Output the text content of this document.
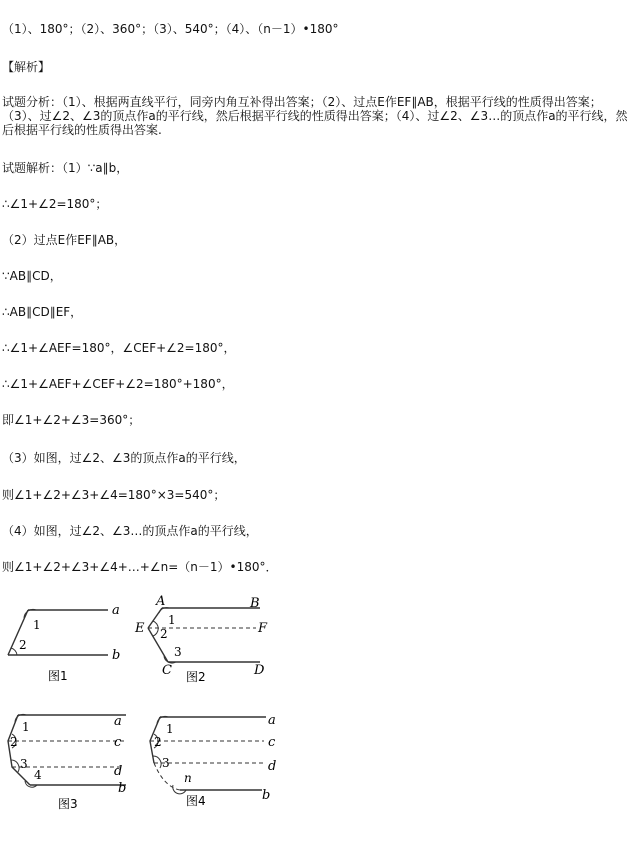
（1）、180°；（2）、360°；（3）、540°；（4）、（n－1）•180°
【解析】
试题分析：（1）、根据两直线平行，同旁内角互补得出答案；（2）、过点E作EF∥AB，根据平行线的性质得出答案；（3）、过∠2、∠3的顶点作a的平行线，然后根据平行线的性质得出答案；（4）、过∠2、∠3…的顶点作a的平行线，然后根据平行线的性质得出答案.
试题解析：（1）∵a∥b，
∴∠1+∠2=180°；
（2）过点E作EF∥AB，
∵AB∥CD，
∴AB∥CD∥EF，
∴∠1+∠AEF=180°，∠CEF+∠2=180°，
∴∠1+∠AEF+∠CEF+∠2=180°+180°，
即∠1+∠2+∠3=360°；
（3）如图，过∠2、∠3的顶点作a的平行线，
则∠1+∠2+∠3+∠4=180°×3=540°；
（4）如图，过∠2、∠3…的顶点作a的平行线，
则∠1+∠2+∠3+∠4+…+∠n=（n－1）•180°．
1
2
a
b
图1
A	B
E	F
C	D
1
2
3
图2
1
2
3
4
a
c
d
b
图3
1
2
3
n
a
c
d
b
图4
